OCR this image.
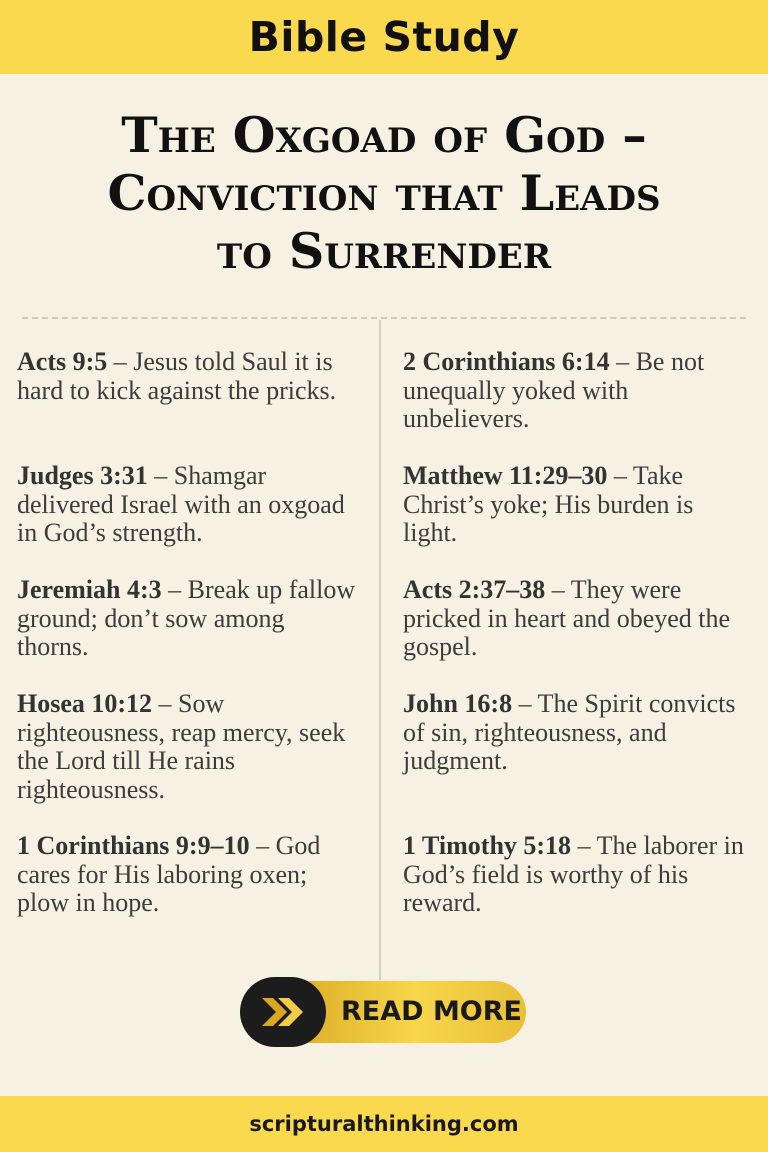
Bible Study
The Oxgoad of God –
Conviction that Leads
to Surrender
Acts 9:5 – Jesus told Saul it is hard to kick against the pricks.
Judges 3:31 – Shamgar delivered Israel with an oxgoad in God’s strength.
Jeremiah 4:3 – Break up fallow ground; don’t sow among thorns.
Hosea 10:12 – Sow righteousness, reap mercy, seek the Lord till He rains righteousness.
1 Corinthians 9:9–10 – God cares for His laboring oxen; plow in hope.
2 Corinthians 6:14 – Be not unequally yoked with unbelievers.
Matthew 11:29–30 – Take Christ’s yoke; His burden is light.
Acts 2:37–38 – They were pricked in heart and obeyed the gospel.
John 16:8 – The Spirit convicts of sin, righteousness, and judgment.
1 Timothy 5:18 – The laborer in God’s field is worthy of his reward.
READ MORE
scripturalthinking.com
